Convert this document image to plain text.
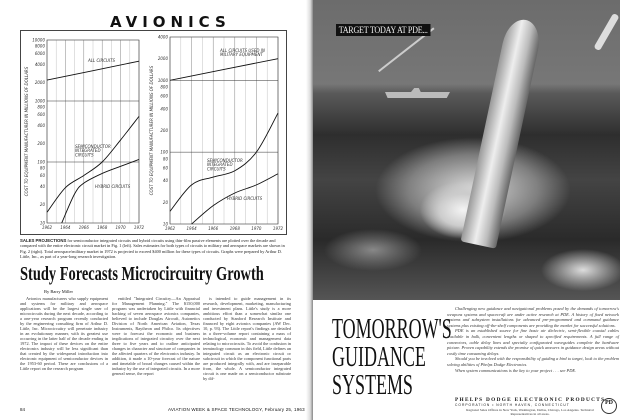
AVIONICS
1962 1964 1966 1968 1970 1972
10
20
40
60
80
100
200
400
600
800
1000
2000
4000
6000
8000
10000
COST TO EQUIPMENT MANUFACTURER IN MILLIONS OF DOLLARS
ALL CIRCUITS
SEMICONDUCTOR
INTEGRATED
CIRCUITS
HYBRID CIRCUITS
1962	1964	1966	1968	1970	1972
10
20
40
60
80
100
200
400
600
800
1000
2000
4000
COST TO EQUIPMENT MANUFACTURER IN MILLIONS OF DOLLARS
ALL CIRCUITS USED IN
MILITARY EQUIPMENT
SEMICONDUCTOR
INTEGRATED
CIRCUITS
HYBRID CIRCUITS
SALES PROJECTIONS for semiconductor integrated circuits and hybrid circuits using thin-film passive elements are plotted over the decade and compared with the entire electronic circuit market in Fig. 1 (left). Sales estimates for both types of circuits to military and aerospace markets are shown in Fig. 2 (right). Total aerospace/military market in 1972 is projected to exceed $400 million for these types of circuits. Graphs were prepared by Arthur D. Little, Inc., as part of a year-long research investigation.
Study Forecasts Microcircuitry Growth
By Barry Miller
Avionics manufacturers who supply equipment and systems for military and aerospace applications will be the largest single user of microcircuits during the next decade, according to a one-year research program recently conducted by the engineering consulting firm of Arthur D. Little, Inc. Microcircuitry will penetrate industry in an evolutionary manner, with its greatest use occurring in the latter half of the decade ending in 1972. The impact of these devices on the entire electronics industry will be less significant than that created by the widespread introduction into electronic equipment of semiconductor devices in the 1953-60 period. These are conclusions of a Little report on the research program
entitled "Integrated Circuitry—An Appraisal for Management Planning." The $150,000 program was undertaken by Little with financial backing of seven aerospace avionics companies, believed to include Douglas Aircraft, Autonetics Division of North American Aviation, Texas Instruments, Raytheon and Philco. Its objectives were to forecast the economic and business implications of integrated circuitry over the next three to five years and to outline anticipated changes in character and structure of companies in the affected quarters of the electronics industry. In addition, it made a 10-year forecast of the nature and timetable of broad changes caused within the industry by the use of integrated circuits. In a more general sense, the report
is intended to guide management in its research, development, marketing, manufacturing and investment plans. Little's study is a more ambitious effort than a somewhat similar one conducted by Stanford Research Institute and financed by eight avionics companies (AW Dec. 10, p. 93). The Little report's findings are detailed in a three-volume report containing a mass of technological, economic and management data relating to microcircuits. To avoid the confusion in terminology common in this field, Little defines an integrated circuit as an electronic circuit or subcircuit in which the component functional parts are produced integrally with, and are inseparable from, the whole. A semiconductor integrated circuit is one made on a semiconductor substrate by dif-
84	AVIATION WEEK & SPACE TECHNOLOGY, February 25, 1963
TARGET TODAY AT PDE...
TOMORROW'S
GUIDANCE
SYSTEMS

Challenging new guidance and navigational problems posed by the demands of tomorrow's weapons systems and spacecraft are under active research at PDE. A history of fixed network systems and subsystem installations for advanced pre-programmed and command guidance systems plus existing off-the-shelf components are providing the market for successful solutions.

PDE is an established source for fine basic air dielectric, semi-flexible coaxial cables available in bulk, convenient lengths or shaped to specified requirements. A full range of connectors, cable delay lines and specialty configurated waveguides complete the hardware picture. Proven capability extends the promise of quick answers in guidance design areas without costly time consuming delays.

Should you be involved with the responsibility of guiding a bird to target, look to the problem solving abilities of Phelps Dodge Electronics.

When system communications is the key to your project . . . see PDE.

PHELPS DODGE ELECTRONIC PRODUCTS
CORPORATION • NORTH HAVEN, CONNECTICUT
Regional Sales Offices in New York, Washington, Dallas, Chicago, Los Angeles. Technical Representatives in all areas.
PD
